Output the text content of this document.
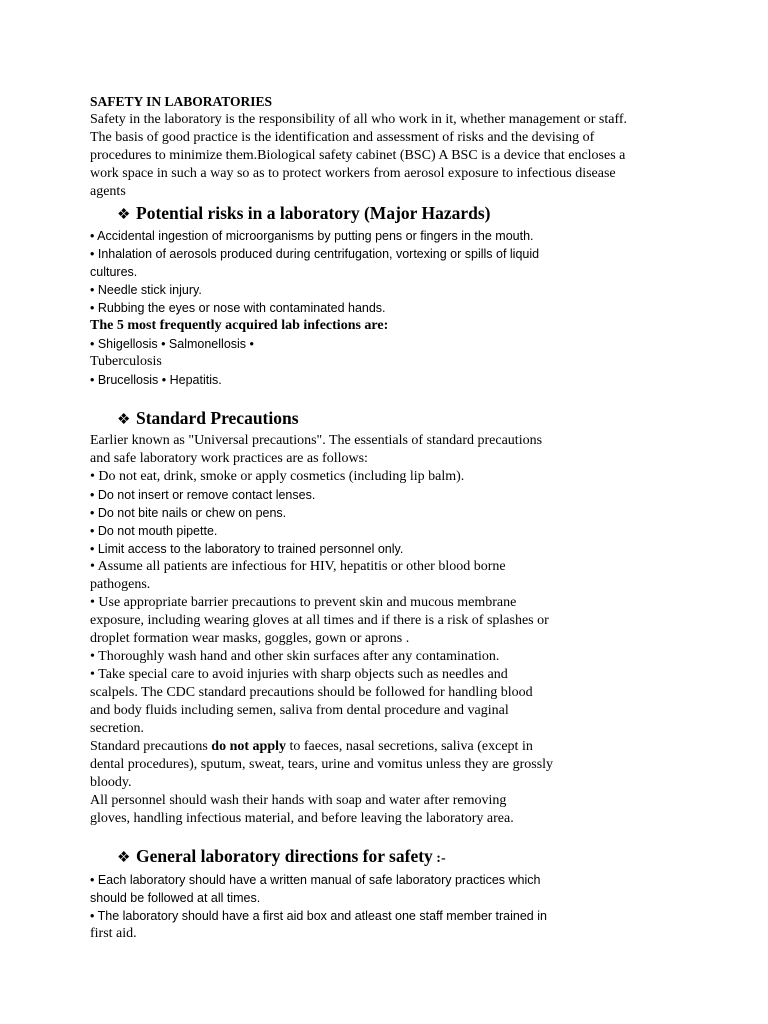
SAFETY IN LABORATORIES
Safety in the laboratory is the responsibility of all who work in it, whether management or staff.
The basis of good practice is the identification and assessment of risks and the devising of
procedures to minimize them.Biological safety cabinet (BSC) A BSC is a device that encloses a
work space in such a way so as to protect workers from aerosol exposure to infectious disease
agents
❖ Potential risks in a laboratory (Major Hazards)
• Accidental ingestion of microorganisms by putting pens or fingers in the mouth.
• Inhalation of aerosols produced during centrifugation, vortexing or spills of liquid
cultures.
• Needle stick injury.
• Rubbing the eyes or nose with contaminated hands.
The 5 most frequently acquired lab infections are:
• Shigellosis • Salmonellosis •
Tuberculosis
• Brucellosis • Hepatitis.
❖ Standard Precautions
Earlier known as "Universal precautions". The essentials of standard precautions
and safe laboratory work practices are as follows:
• Do not eat, drink, smoke or apply cosmetics (including lip balm).
• Do not insert or remove contact lenses.
• Do not bite nails or chew on pens.
• Do not mouth pipette.
• Limit access to the laboratory to trained personnel only.
• Assume all patients are infectious for HIV, hepatitis or other blood borne
pathogens.
• Use appropriate barrier precautions to prevent skin and mucous membrane
exposure, including wearing gloves at all times and if there is a risk of splashes or
droplet formation wear masks, goggles, gown or aprons .
• Thoroughly wash hand and other skin surfaces after any contamination.
• Take special care to avoid injuries with sharp objects such as needles and
scalpels. The CDC standard precautions should be followed for handling blood
and body fluids including semen, saliva from dental procedure and vaginal
secretion.
Standard precautions do not apply to faeces, nasal secretions, saliva (except in
dental procedures), sputum, sweat, tears, urine and vomitus unless they are grossly
bloody.
All personnel should wash their hands with soap and water after removing
gloves, handling infectious material, and before leaving the laboratory area.
❖ General laboratory directions for safety :-
• Each laboratory should have a written manual of safe laboratory practices which
should be followed at all times.
• The laboratory should have a first aid box and atleast one staff member trained in
first aid.
